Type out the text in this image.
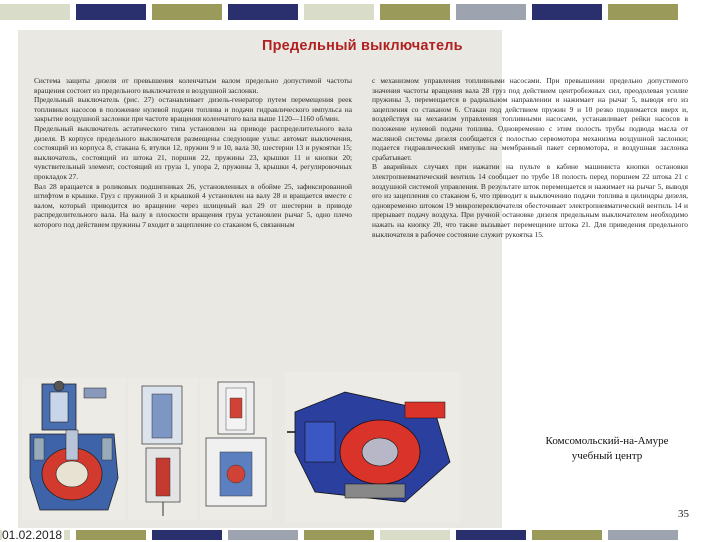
Предельный выключатель
Система защиты дизеля от превышения коленчатым валом предельно допустимой частоты вращения состоит из предельного выключателя и воздушной заслонки.
Предельный выключатель (рис. 27) останавливает дизель-генератор путем перемещения реек топливных насосов в положение нулевой подачи топлива и подачи гидравлического импульса на закрытие воздушной заслонки при частоте вращения коленчатого вала выше 1120—1160 об/мин.
Предельный выключатель астатического типа установлен на приводе распределительного вала дизеля. В корпусе предельного выключателя размещены следующие узлы: автомат выключения, состоящий из корпуса 8, стакана 6, втулки 12, пружин 9 и 10, вала 30, шестерни 13 и рукоятки 15; выключатель, состоящий из штока 21, поршня 22, пружины 23, крышки 11 и кнопки 20; чувствительный элемент, состоящий из груза 1, упора 2, пружины 3, крышки 4, регулировочных прокладок 27.
Вал 28 вращается в роликовых подшипниках 26, установленных в обойме 25, зафиксированной штифтом в крышке. Груз с пружиной 3 и крышкой 4 установлен на валу 28 и вращается вместе с валом, который приводится во вращение через шлицевый вал 29 от шестерни в приводе распределительного вала. На валу в плоскости вращения груза установлен рычаг 5, одно плечо которого под действием пружины 7 входит в зацепление со стаканом 6, связанным
с механизмом управления топливными насосами. При превышении предельно допустимого значения частоты вращения вала 28 груз под действием центробежных сил, преодолевая усилие пружины 3, перемещается в радиальном направлении и нажимает на рычаг 5, выводя его из зацепления со стаканом 6. Стакан под действием пружин 9 и 10 резко поднимается вверх и, воздействуя на механизм управления топливными насосами, устанавливает рейки насосов в положение нулевой подачи топлива. Одновременно с этим полость трубы подвода масла от масляной системы дизеля сообщается с полостью сервомотора механизма воздушной заслонки; подается гидравлический импульс на мембранный пакет сервомотора, и воздушная заслонка срабатывает.
В аварийных случаях при нажатии на пульте в кабине машиниста кнопки остановки электропневматический вентиль 14 сообщает по трубе 18 полость перед поршнем 22 штока 21 с воздушной системой управления. В результате шток перемещается и нажимает на рычаг 5, выводя его из зацепления со стаканом 6, что приводит к выключению подачи топлива в цилиндры дизеля, одновременно штоком 19 микропереключателя обесточивает электропневматический вентиль 14 и прерывает подачу воздуха. При ручной остановке дизеля предельным выключателем необходимо нажать на кнопку 20, что также вызывает перемещение штока 21. Для приведения предельного выключателя в рабочее состояние служит рукоятка 15.
Комсомольский-на-Амуре
учебный центр
35
01.02.2018
